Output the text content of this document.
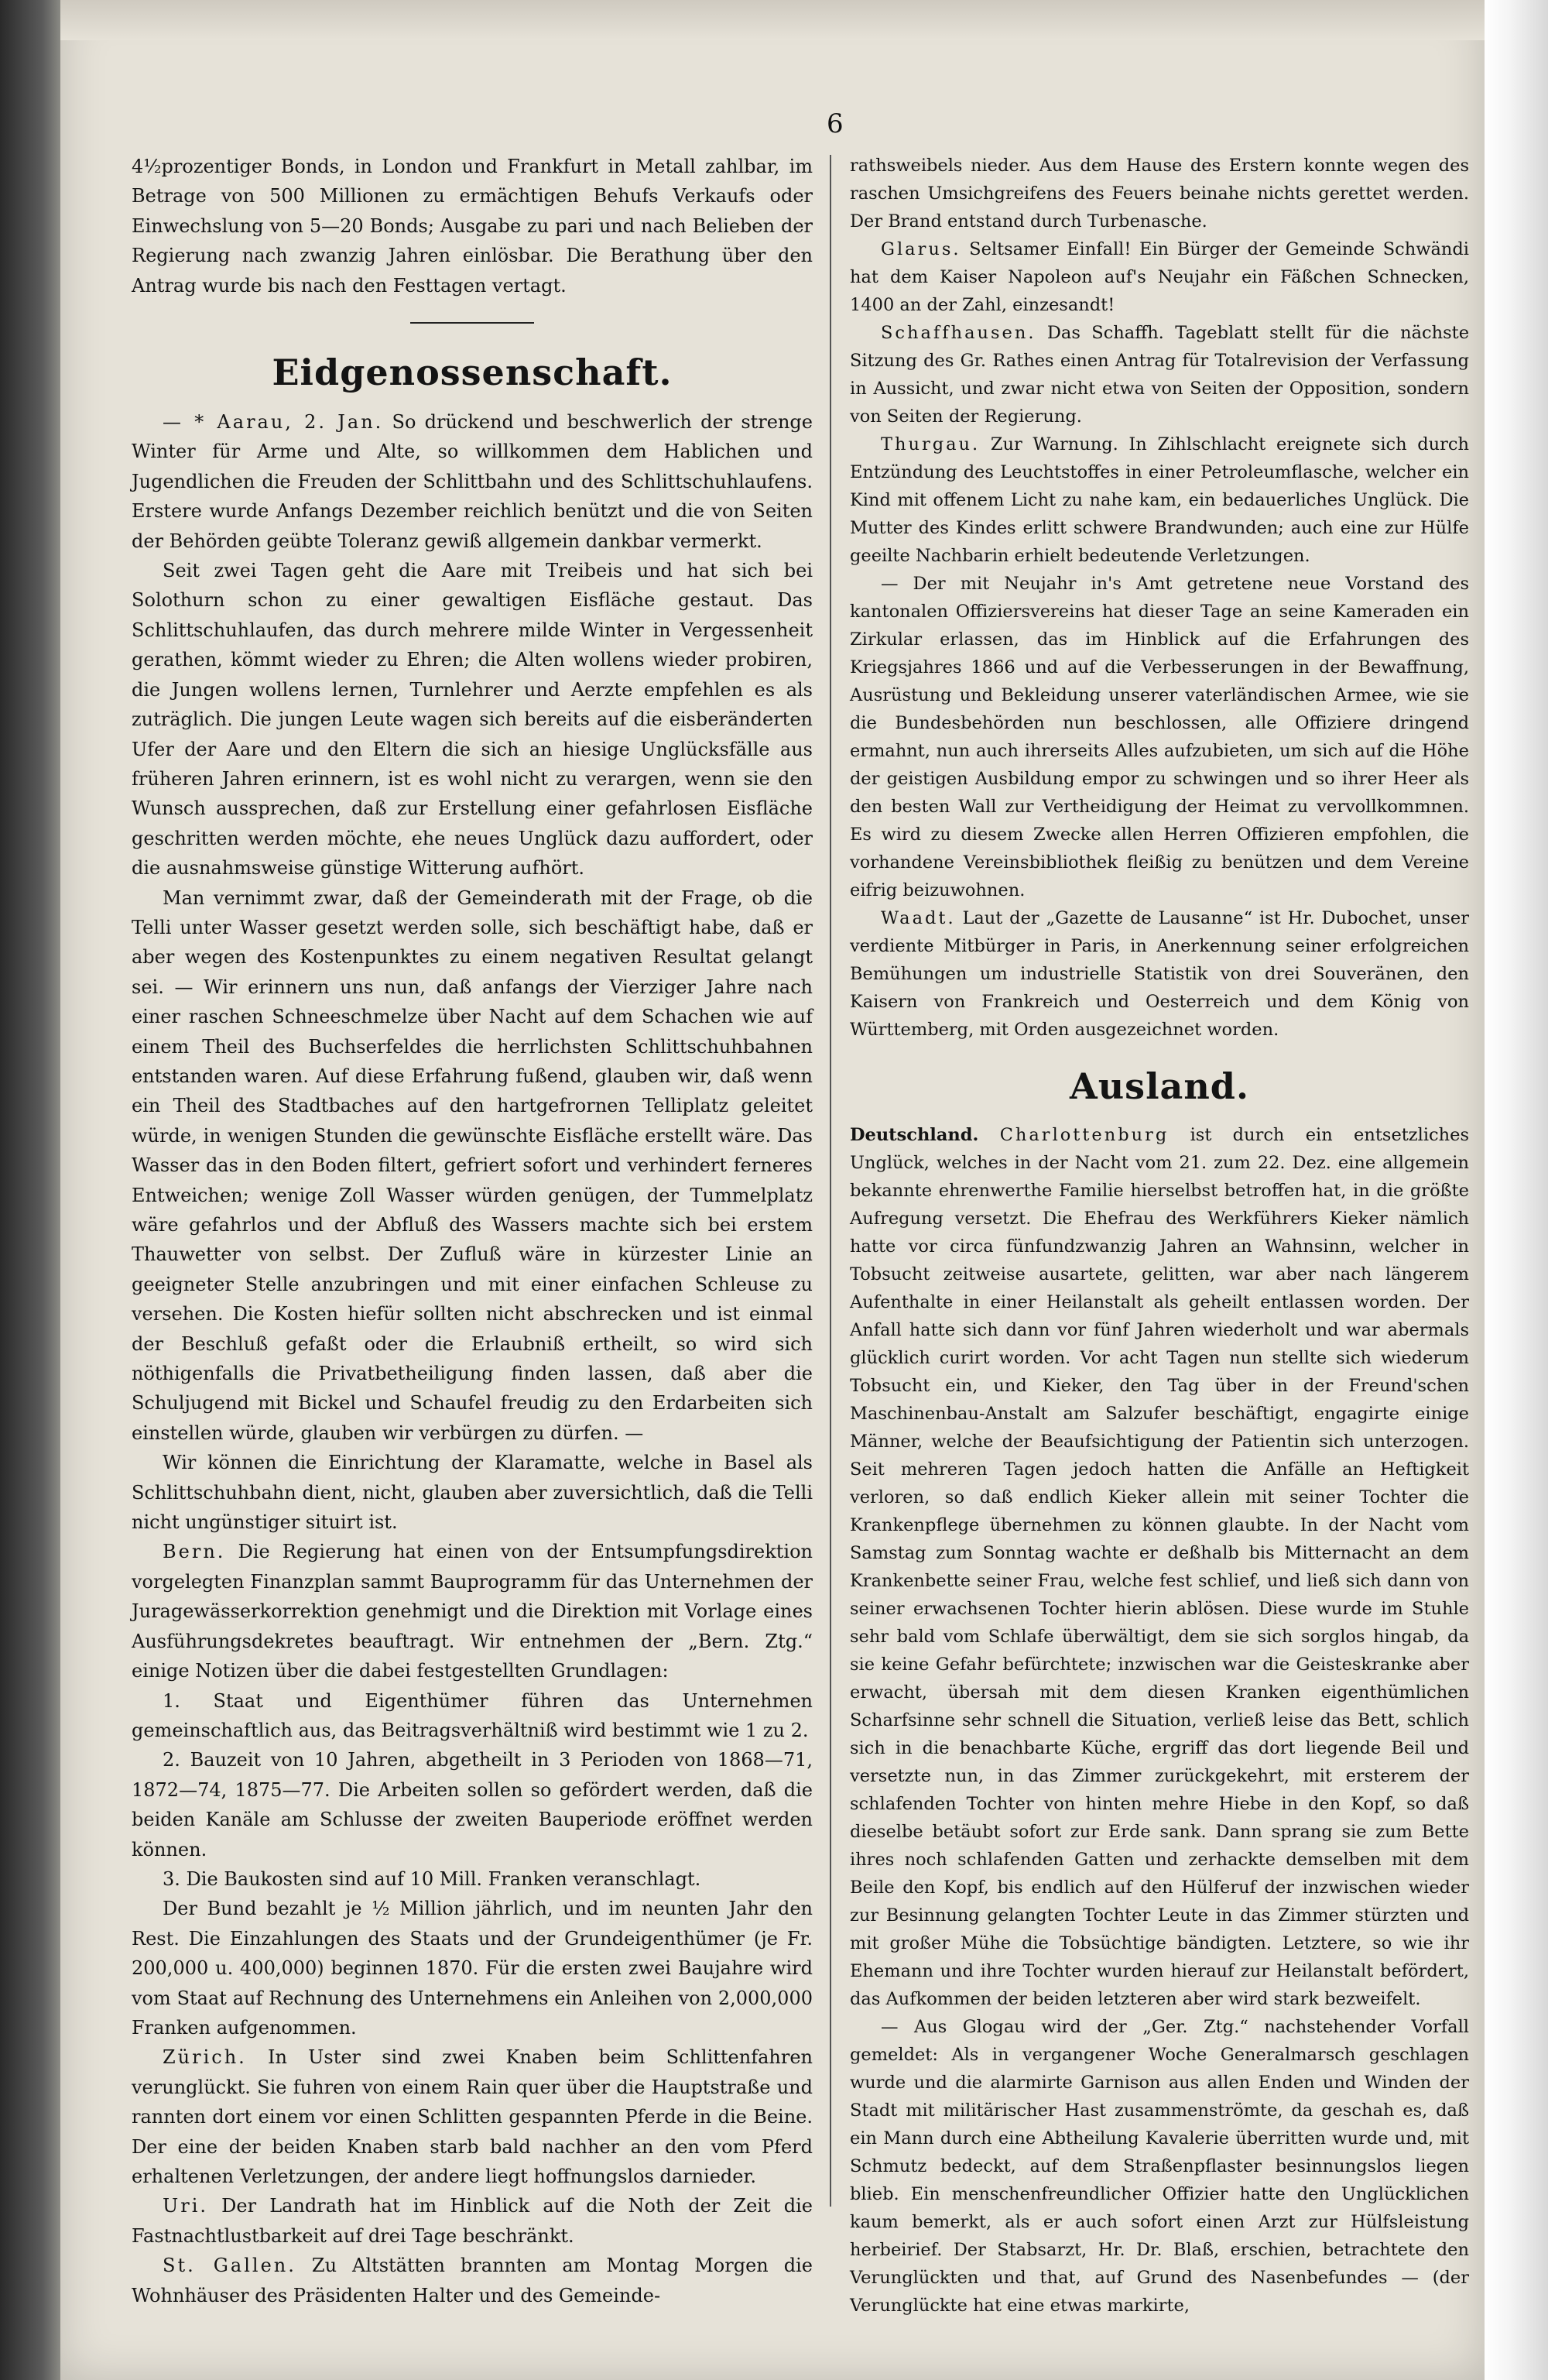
6

4½prozentiger Bonds, in London und Frankfurt in Metall zahlbar, im Betrage von 500 Millionen zu ermächtigen Behufs Verkaufs oder Einwechslung von 5—20 Bonds; Ausgabe zu pari und nach Belieben der Regierung nach zwanzig Jahren einlösbar. Die Berathung über den Antrag wurde bis nach den Festtagen vertagt.

Eidgenossenschaft.

— * Aarau, 2. Jan. So drückend und beschwerlich der strenge Winter für Arme und Alte, so willkommen dem Hablichen und Jugendlichen die Freuden der Schlittbahn und des Schlittschuhlaufens. Erstere wurde Anfangs Dezember reichlich benützt und die von Seiten der Behörden geübte Toleranz gewiß allgemein dankbar vermerkt.

Seit zwei Tagen geht die Aare mit Treibeis und hat sich bei Solothurn schon zu einer gewaltigen Eisfläche gestaut. Das Schlittschuhlaufen, das durch mehrere milde Winter in Vergessenheit gerathen, kömmt wieder zu Ehren; die Alten wollens wieder probiren, die Jungen wollens lernen, Turnlehrer und Aerzte empfehlen es als zuträglich. Die jungen Leute wagen sich bereits auf die eisberänderten Ufer der Aare und den Eltern die sich an hiesige Unglücksfälle aus früheren Jahren erinnern, ist es wohl nicht zu verargen, wenn sie den Wunsch aussprechen, daß zur Erstellung einer gefahrlosen Eisfläche geschritten werden möchte, ehe neues Unglück dazu auffordert, oder die ausnahmsweise günstige Witterung aufhört.

Man vernimmt zwar, daß der Gemeinderath mit der Frage, ob die Telli unter Wasser gesetzt werden solle, sich beschäftigt habe, daß er aber wegen des Kostenpunktes zu einem negativen Resultat gelangt sei. — Wir erinnern uns nun, daß anfangs der Vierziger Jahre nach einer raschen Schneeschmelze über Nacht auf dem Schachen wie auf einem Theil des Buchserfeldes die herrlichsten Schlittschuhbahnen entstanden waren. Auf diese Erfahrung fußend, glauben wir, daß wenn ein Theil des Stadtbaches auf den hartgefrornen Telliplatz geleitet würde, in wenigen Stunden die gewünschte Eisfläche erstellt wäre. Das Wasser das in den Boden filtert, gefriert sofort und verhindert ferneres Entweichen; wenige Zoll Wasser würden genügen, der Tummelplatz wäre gefahrlos und der Abfluß des Wassers machte sich bei erstem Thauwetter von selbst. Der Zufluß wäre in kürzester Linie an geeigneter Stelle anzubringen und mit einer einfachen Schleuse zu versehen. Die Kosten hiefür sollten nicht abschrecken und ist einmal der Beschluß gefaßt oder die Erlaubniß ertheilt, so wird sich nöthigenfalls die Privatbetheiligung finden lassen, daß aber die Schuljugend mit Bickel und Schaufel freudig zu den Erdarbeiten sich einstellen würde, glauben wir verbürgen zu dürfen. —

Wir können die Einrichtung der Klaramatte, welche in Basel als Schlittschuhbahn dient, nicht, glauben aber zuversichtlich, daß die Telli nicht ungünstiger situirt ist.

Bern. Die Regierung hat einen von der Entsumpfungsdirektion vorgelegten Finanzplan sammt Bauprogramm für das Unternehmen der Juragewässerkorrektion genehmigt und die Direktion mit Vorlage eines Ausführungsdekretes beauftragt. Wir entnehmen der „Bern. Ztg.“ einige Notizen über die dabei festgestellten Grundlagen:

1. Staat und Eigenthümer führen das Unternehmen gemeinschaftlich aus, das Beitragsverhältniß wird bestimmt wie 1 zu 2.

2. Bauzeit von 10 Jahren, abgetheilt in 3 Perioden von 1868—71, 1872—74, 1875—77. Die Arbeiten sollen so gefördert werden, daß die beiden Kanäle am Schlusse der zweiten Bauperiode eröffnet werden können.

3. Die Baukosten sind auf 10 Mill. Franken veranschlagt.

Der Bund bezahlt je ½ Million jährlich, und im neunten Jahr den Rest. Die Einzahlungen des Staats und der Grundeigenthümer (je Fr. 200,000 u. 400,000) beginnen 1870. Für die ersten zwei Baujahre wird vom Staat auf Rechnung des Unternehmens ein Anleihen von 2,000,000 Franken aufgenommen.

Zürich. In Uster sind zwei Knaben beim Schlittenfahren verunglückt. Sie fuhren von einem Rain quer über die Hauptstraße und rannten dort einem vor einen Schlitten gespannten Pferde in die Beine. Der eine der beiden Knaben starb bald nachher an den vom Pferd erhaltenen Verletzungen, der andere liegt hoffnungslos darnieder.

Uri. Der Landrath hat im Hinblick auf die Noth der Zeit die Fastnachtlustbarkeit auf drei Tage beschränkt.

St. Gallen. Zu Altstätten brannten am Montag Morgen die Wohnhäuser des Präsidenten Halter und des Gemeinde-

rathsweibels nieder. Aus dem Hause des Erstern konnte wegen des raschen Umsichgreifens des Feuers beinahe nichts gerettet werden. Der Brand entstand durch Turbenasche.

Glarus. Seltsamer Einfall! Ein Bürger der Gemeinde Schwändi hat dem Kaiser Napoleon auf's Neujahr ein Fäßchen Schnecken, 1400 an der Zahl, einzesandt!

Schaffhausen. Das Schaffh. Tageblatt stellt für die nächste Sitzung des Gr. Rathes einen Antrag für Totalrevision der Verfassung in Aussicht, und zwar nicht etwa von Seiten der Opposition, sondern von Seiten der Regierung.

Thurgau. Zur Warnung. In Zihlschlacht ereignete sich durch Entzündung des Leuchtstoffes in einer Petroleumflasche, welcher ein Kind mit offenem Licht zu nahe kam, ein bedauerliches Unglück. Die Mutter des Kindes erlitt schwere Brandwunden; auch eine zur Hülfe geeilte Nachbarin erhielt bedeutende Verletzungen.

— Der mit Neujahr in's Amt getretene neue Vorstand des kantonalen Offiziersvereins hat dieser Tage an seine Kameraden ein Zirkular erlassen, das im Hinblick auf die Erfahrungen des Kriegsjahres 1866 und auf die Verbesserungen in der Bewaffnung, Ausrüstung und Bekleidung unserer vaterländischen Armee, wie sie die Bundesbehörden nun beschlossen, alle Offiziere dringend ermahnt, nun auch ihrerseits Alles aufzubieten, um sich auf die Höhe der geistigen Ausbildung empor zu schwingen und so ihrer Heer als den besten Wall zur Vertheidigung der Heimat zu vervollkommnen. Es wird zu diesem Zwecke allen Herren Offizieren empfohlen, die vorhandene Vereinsbibliothek fleißig zu benützen und dem Vereine eifrig beizuwohnen.

Waadt. Laut der „Gazette de Lausanne“ ist Hr. Dubochet, unser verdiente Mitbürger in Paris, in Anerkennung seiner erfolgreichen Bemühungen um industrielle Statistik von drei Souveränen, den Kaisern von Frankreich und Oesterreich und dem König von Württemberg, mit Orden ausgezeichnet worden.

Ausland.

Deutschland. Charlottenburg ist durch ein entsetzliches Unglück, welches in der Nacht vom 21. zum 22. Dez. eine allgemein bekannte ehrenwerthe Familie hierselbst betroffen hat, in die größte Aufregung versetzt. Die Ehefrau des Werkführers Kieker nämlich hatte vor circa fünfundzwanzig Jahren an Wahnsinn, welcher in Tobsucht zeitweise ausartete, gelitten, war aber nach längerem Aufenthalte in einer Heilanstalt als geheilt entlassen worden. Der Anfall hatte sich dann vor fünf Jahren wiederholt und war abermals glücklich curirt worden. Vor acht Tagen nun stellte sich wiederum Tobsucht ein, und Kieker, den Tag über in der Freund'schen Maschinenbau-Anstalt am Salzufer beschäftigt, engagirte einige Männer, welche der Beaufsichtigung der Patientin sich unterzogen. Seit mehreren Tagen jedoch hatten die Anfälle an Heftigkeit verloren, so daß endlich Kieker allein mit seiner Tochter die Krankenpflege übernehmen zu können glaubte. In der Nacht vom Samstag zum Sonntag wachte er deßhalb bis Mitternacht an dem Krankenbette seiner Frau, welche fest schlief, und ließ sich dann von seiner erwachsenen Tochter hierin ablösen. Diese wurde im Stuhle sehr bald vom Schlafe überwältigt, dem sie sich sorglos hingab, da sie keine Gefahr befürchtete; inzwischen war die Geisteskranke aber erwacht, übersah mit dem diesen Kranken eigenthümlichen Scharfsinne sehr schnell die Situation, verließ leise das Bett, schlich sich in die benachbarte Küche, ergriff das dort liegende Beil und versetzte nun, in das Zimmer zurückgekehrt, mit ersterem der schlafenden Tochter von hinten mehre Hiebe in den Kopf, so daß dieselbe betäubt sofort zur Erde sank. Dann sprang sie zum Bette ihres noch schlafenden Gatten und zerhackte demselben mit dem Beile den Kopf, bis endlich auf den Hülferuf der inzwischen wieder zur Besinnung gelangten Tochter Leute in das Zimmer stürzten und mit großer Mühe die Tobsüchtige bändigten. Letztere, so wie ihr Ehemann und ihre Tochter wurden hierauf zur Heilanstalt befördert, das Aufkommen der beiden letzteren aber wird stark bezweifelt.

— Aus Glogau wird der „Ger. Ztg.“ nachstehender Vorfall gemeldet: Als in vergangener Woche Generalmarsch geschlagen wurde und die alarmirte Garnison aus allen Enden und Winden der Stadt mit militärischer Hast zusammenströmte, da geschah es, daß ein Mann durch eine Abtheilung Kavalerie überritten wurde und, mit Schmutz bedeckt, auf dem Straßenpflaster besinnungslos liegen blieb. Ein menschenfreundlicher Offizier hatte den Unglücklichen kaum bemerkt, als er auch sofort einen Arzt zur Hülfsleistung herbeirief. Der Stabsarzt, Hr. Dr. Blaß, erschien, betrachtete den Verunglückten und that, auf Grund des Nasenbefundes — (der Verunglückte hat eine etwas markirte,
